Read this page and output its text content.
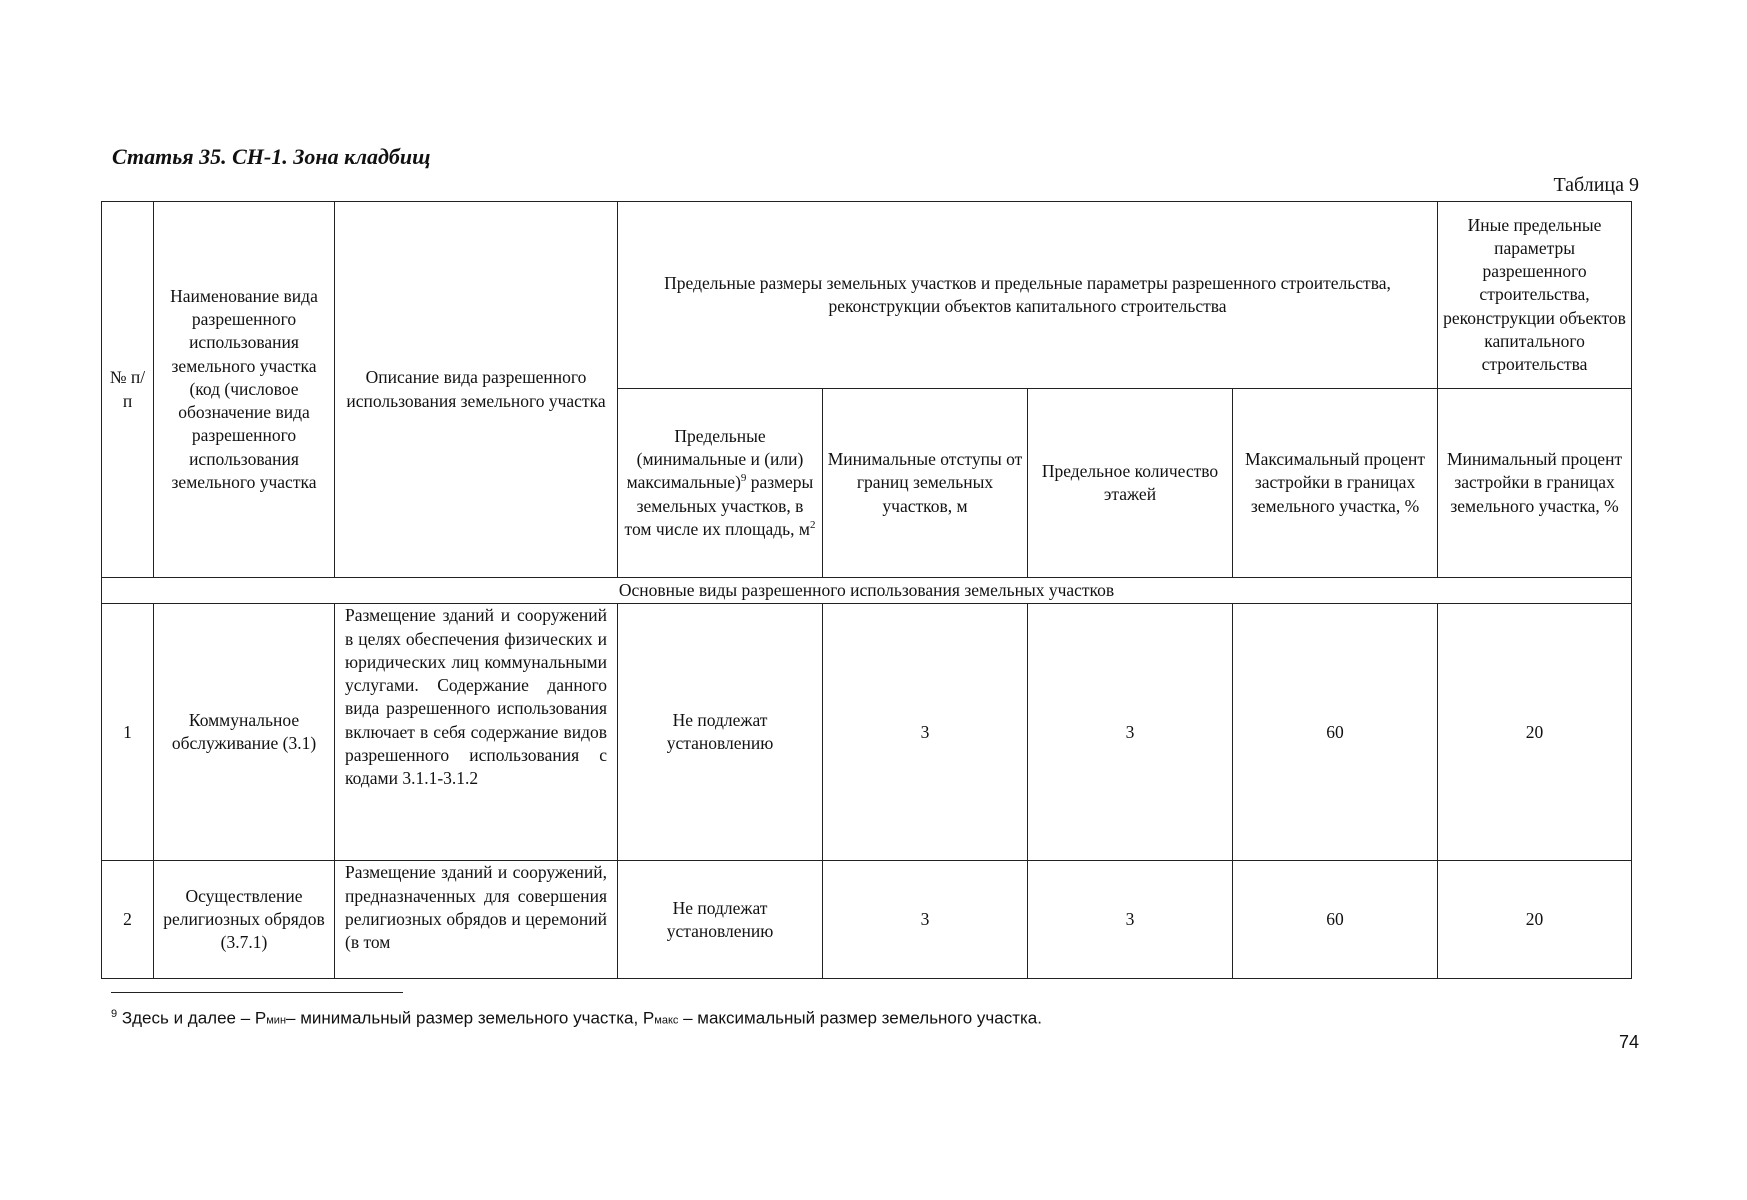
Статья 35. СН-1. Зона кладбищ
Таблица 9
№ п/п	Наименование вида разрешенного использования земельного участка (код (числовое обозначение вида разрешенного использования земельного участка	Описание вида разрешенного использования земельного участка	Предельные размеры земельных участков и предельные параметры разрешенного строительства, реконструкции объектов капитального строительства				Иные предельные параметры разрешенного строительства, реконструкции объектов капитального строительства
			Предельные (минимальные и (или) максимальные)$^9$ размеры земельных участков, в том числе их площадь, $м^2$	Минимальные отступы от границ земельных участков, м	Предельное количество этажей	Максимальный процент застройки в границах земельного участка, %	Минимальный процент застройки в границах земельного участка, %
Основные виды разрешенного использования земельных участков							
1	Коммунальное обслуживание (3.1)	Размещение зданий и сооружений в целях обеспечения физических и юридических лиц коммунальными услугами. Содержание данного вида разрешенного использования включает в себя содержание видов разрешенного использования с кодами 3.1.1-3.1.2	Не подлежат установлению	3	3	60	20
2	Осуществление религиозных обрядов (3.7.1)	Размещение зданий и сооружений, предназначенных для совершения религиозных обрядов и церемоний (в том	Не подлежат установлению	3	3	60	20
$^9$ Здесь и далее – Рмин– минимальный размер земельного участка, Рмакс – максимальный размер земельного участка.
74
